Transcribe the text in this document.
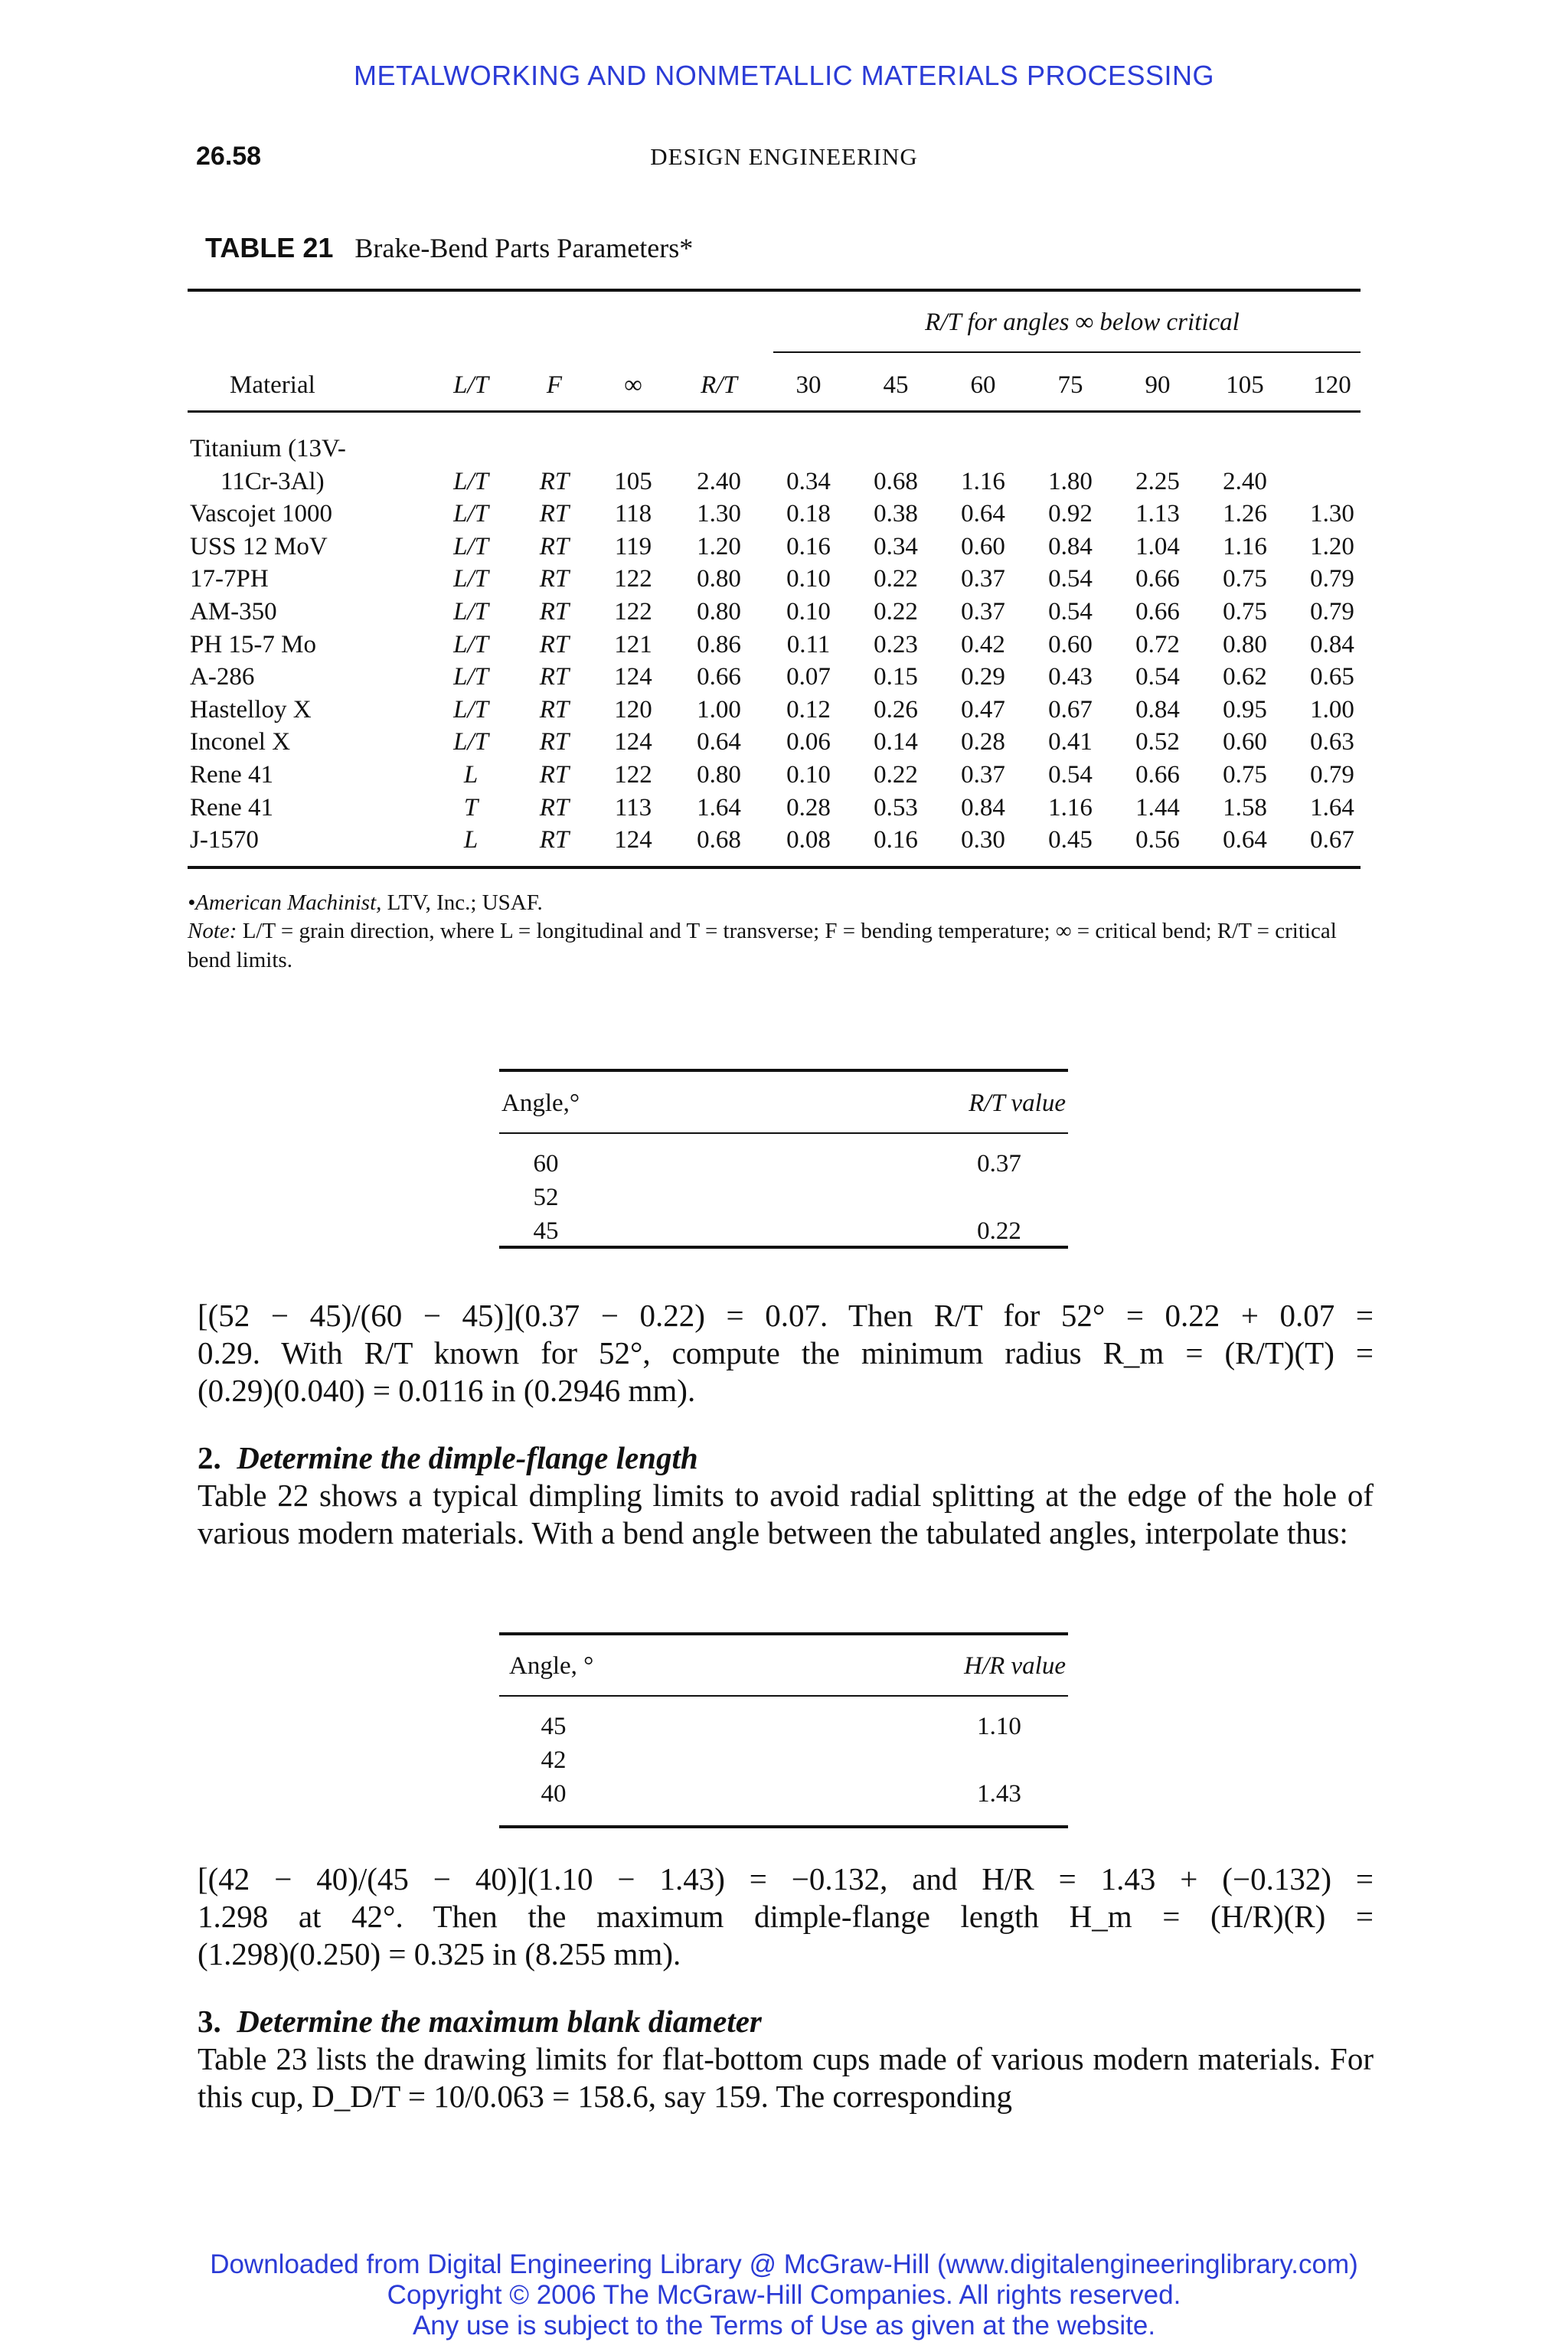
METALWORKING AND NONMETALLIC MATERIALS PROCESSING
26.58	DESIGN ENGINEERING
TABLE 21 Brake-Bend Parts Parameters*
R/T for angles ∞ below critical
Material	L/T	F	∞	R/T	30	45	60	75	90	105	120
Titanium (13V-
11Cr-3Al)	L/T	RT	105	2.40	0.34	0.68	1.16	1.80	2.25	2.40
Vascojet 1000	L/T	RT	118	1.30	0.18	0.38	0.64	0.92	1.13	1.26	1.30
USS 12 MoV	L/T	RT	119	1.20	0.16	0.34	0.60	0.84	1.04	1.16	1.20
17-7PH	L/T	RT	122	0.80	0.10	0.22	0.37	0.54	0.66	0.75	0.79
AM-350	L/T	RT	122	0.80	0.10	0.22	0.37	0.54	0.66	0.75	0.79
PH 15-7 Mo	L/T	RT	121	0.86	0.11	0.23	0.42	0.60	0.72	0.80	0.84
A-286	L/T	RT	124	0.66	0.07	0.15	0.29	0.43	0.54	0.62	0.65
Hastelloy X	L/T	RT	120	1.00	0.12	0.26	0.47	0.67	0.84	0.95	1.00
Inconel X	L/T	RT	124	0.64	0.06	0.14	0.28	0.41	0.52	0.60	0.63
Rene 41	L	RT	122	0.80	0.10	0.22	0.37	0.54	0.66	0.75	0.79
Rene 41	T	RT	113	1.64	0.28	0.53	0.84	1.16	1.44	1.58	1.64
J-1570	L	RT	124	0.68	0.08	0.16	0.30	0.45	0.56	0.64	0.67
•American Machinist, LTV, Inc.; USAF.
Note: L/T = grain direction, where L = longitudinal and T = transverse; F = bending temperature; ∞ = critical bend; R/T = critical bend limits.
Angle,°	R/T value
60	0.37
52
45	0.22
[(52 − 45)/(60 − 45)](0.37 − 0.22) = 0.07. Then R/T for 52° = 0.22 + 0.07 =
0.29. With R/T known for 52°, compute the minimum radius R_m = (R/T)(T) =
(0.29)(0.040) = 0.0116 in (0.2946 mm).
2. Determine the dimple-flange length
Table 22 shows a typical dimpling limits to avoid radial splitting at the edge of the hole of various modern materials. With a bend angle between the tabulated angles, interpolate thus:
Angle, °	H/R value
45	1.10
42
40	1.43
[(42 − 40)/(45 − 40)](1.10 − 1.43) = −0.132, and H/R = 1.43 + (−0.132) =
1.298 at 42°. Then the maximum dimple-flange length H_m = (H/R)(R) =
(1.298)(0.250) = 0.325 in (8.255 mm).
3. Determine the maximum blank diameter
Table 23 lists the drawing limits for flat-bottom cups made of various modern materials. For this cup, D_D/T = 10/0.063 = 158.6, say 159. The corresponding
Downloaded from Digital Engineering Library @ McGraw-Hill (www.digitalengineeringlibrary.com)
Copyright © 2006 The McGraw-Hill Companies. All rights reserved.
Any use is subject to the Terms of Use as given at the website.
